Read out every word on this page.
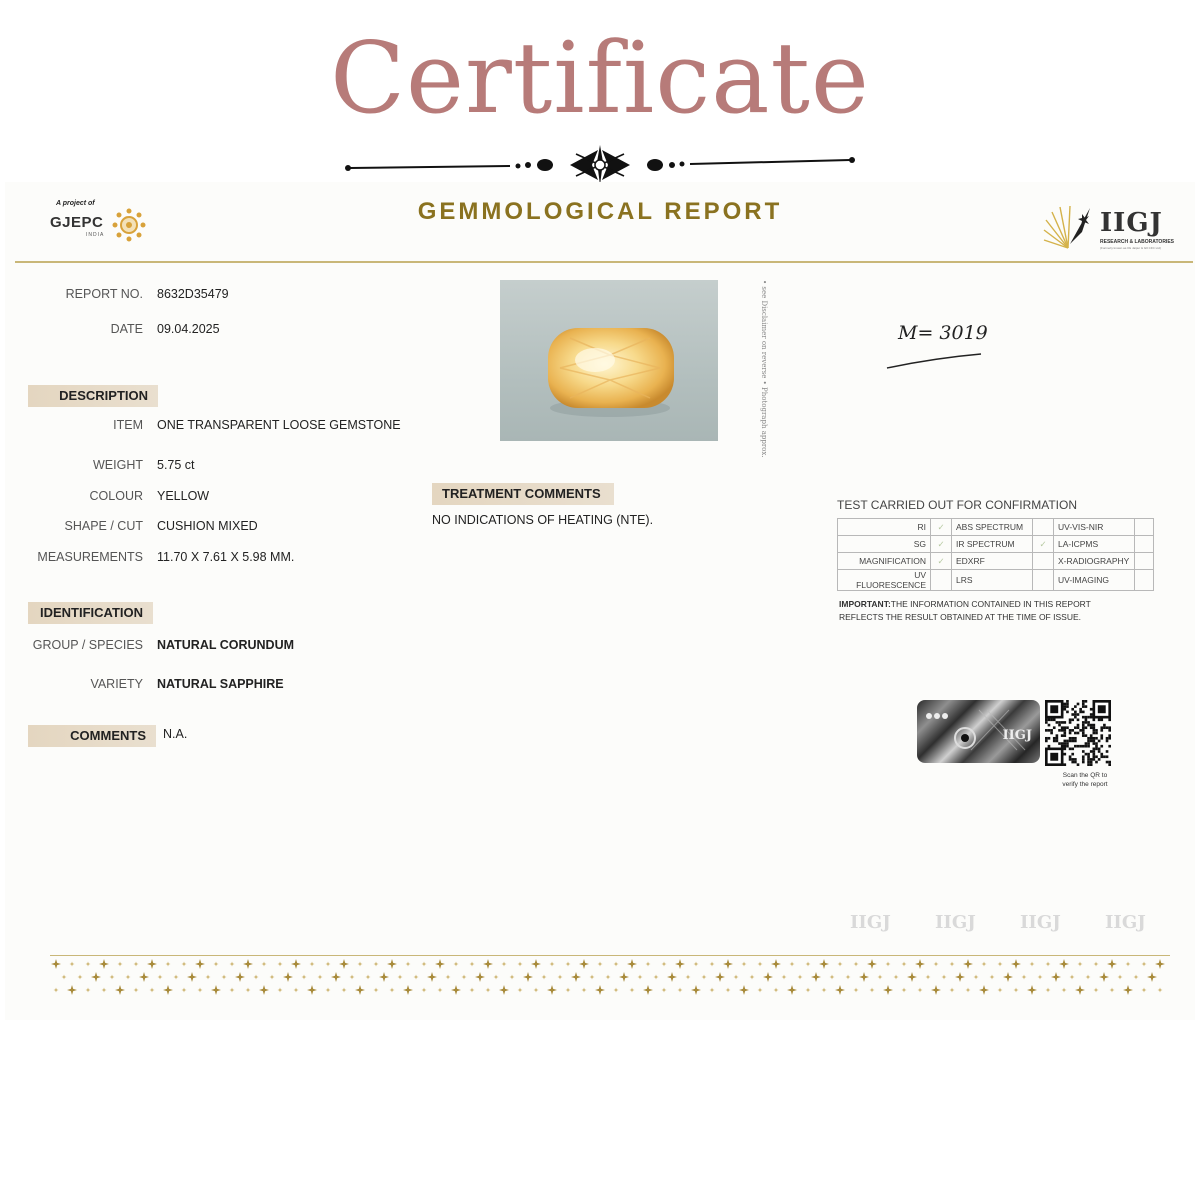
Certificate
A project of
GJEPC
INDIA
GEMMOLOGICAL REPORT	IIGJ
RESEARCH & LABORATORIES
(Formerly known as IIG Jaipur & GII CFC Ltd)
REPORT NO. 8632D35479
DATE 09.04.2025
DESCRIPTION
ITEM ONE TRANSPARENT LOOSE GEMSTONE
WEIGHT 5.75 ct
COLOUR YELLOW
SHAPE / CUT CUSHION MIXED
MEASUREMENTS 11.70 X 7.61 X 5.98 MM.
IDENTIFICATION
GROUP / SPECIES NATURAL CORUNDUM
VARIETY NATURAL SAPPHIRE
COMMENTS	N.A.
• see Disclaimer on reverse • Photograph approx.	M= 3019
TREATMENT COMMENTS
NO INDICATIONS OF HEATING (NTE).
TEST CARRIED OUT FOR CONFIRMATION
RI	✓	ABS SPECTRUM		UV-VIS-NIR	
SG	✓	IR SPECTRUM	✓	LA-ICPMS	
MAGNIFICATION	✓	EDXRF		X-RADIOGRAPHY	
UV FLUORESCENCE		LRS		UV-IMAGING	
IMPORTANT:THE INFORMATION CONTAINED IN THIS REPORT REFLECTS THE RESULT OBTAINED AT THE TIME OF ISSUE.
IIGJ
Scan the QR to
verify the report
IIGJ IIGJ IIGJ IIGJ
